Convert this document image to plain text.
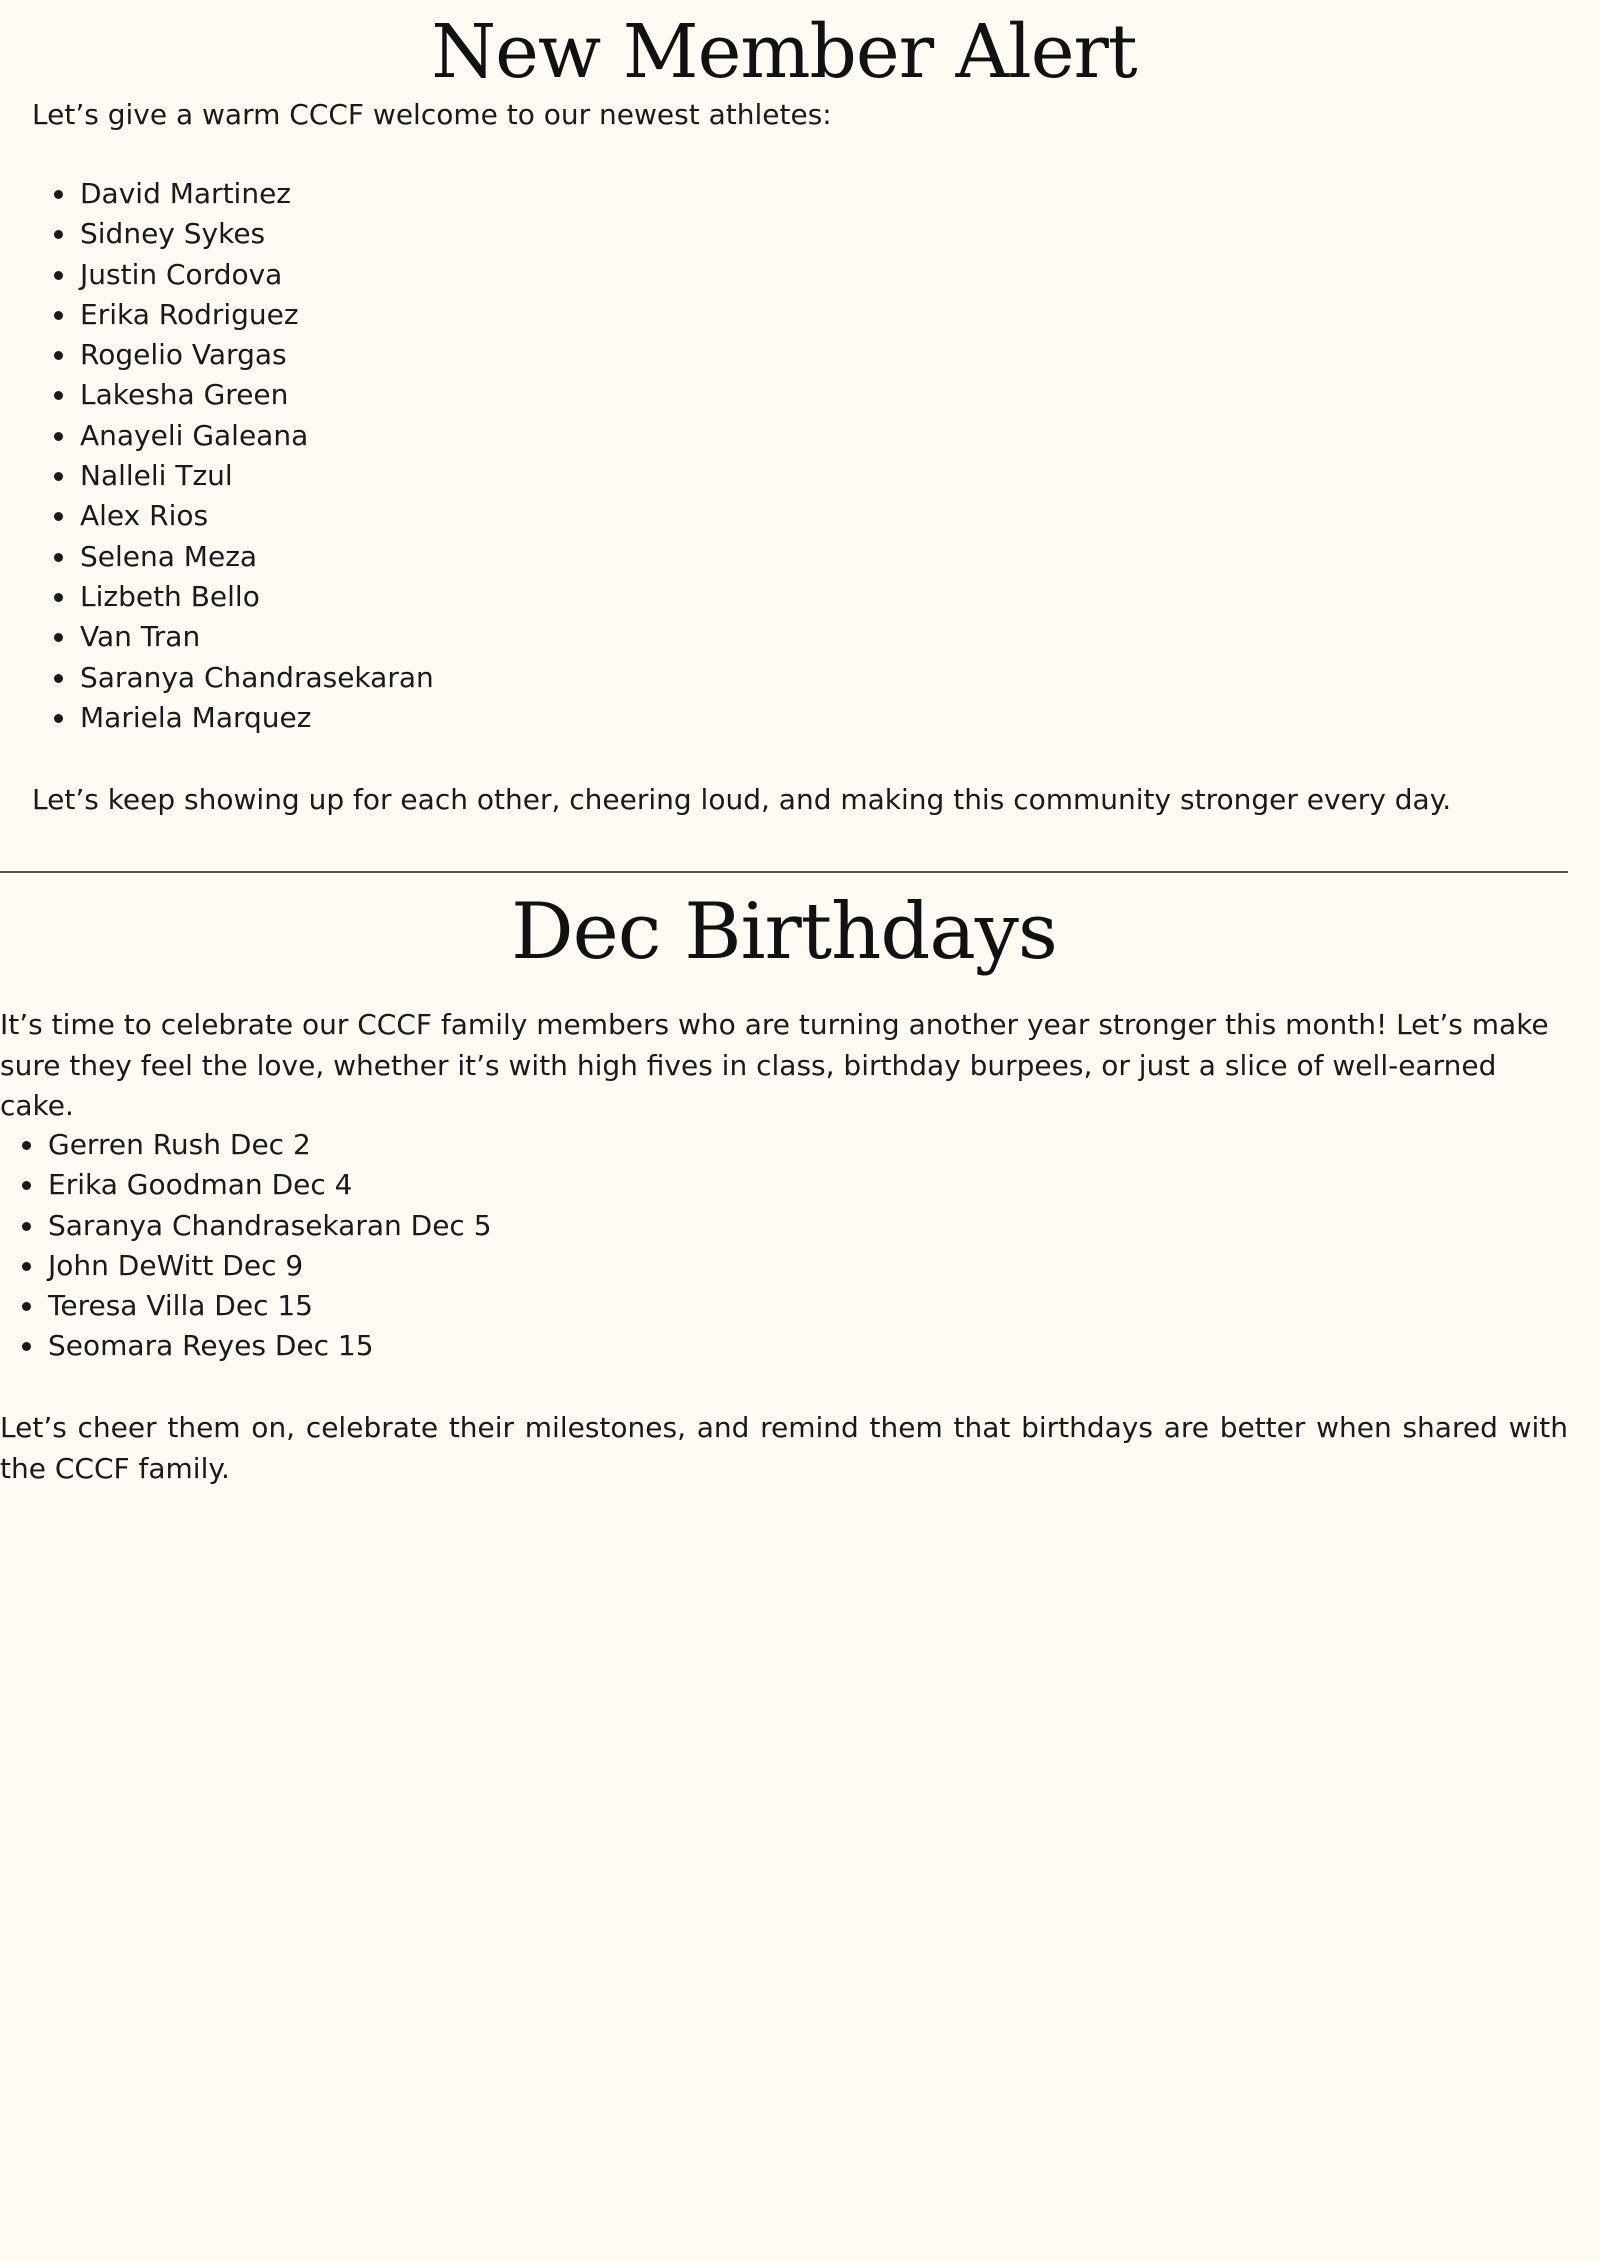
New Member Alert

Let’s give a warm CCCF welcome to our newest athletes:

• David Martinez
• Sidney Sykes
• Justin Cordova
• Erika Rodriguez
• Rogelio Vargas
• Lakesha Green
• Anayeli Galeana
• Nalleli Tzul
• Alex Rios
• Selena Meza
• Lizbeth Bello
• Van Tran
• Saranya Chandrasekaran
• Mariela Marquez

Let’s keep showing up for each other, cheering loud, and making this community stronger every day.

Dec Birthdays

It’s time to celebrate our CCCF family members who are turning another year stronger this month! Let’s make sure they feel the love, whether it’s with high fives in class, birthday burpees, or just a slice of well-earned cake.

• Gerren Rush Dec 2
• Erika Goodman Dec 4
• Saranya Chandrasekaran Dec 5
• John DeWitt Dec 9
• Teresa Villa Dec 15
• Seomara Reyes Dec 15

Let’s cheer them on, celebrate their milestones, and remind them that birthdays are better when shared with the CCCF family.
